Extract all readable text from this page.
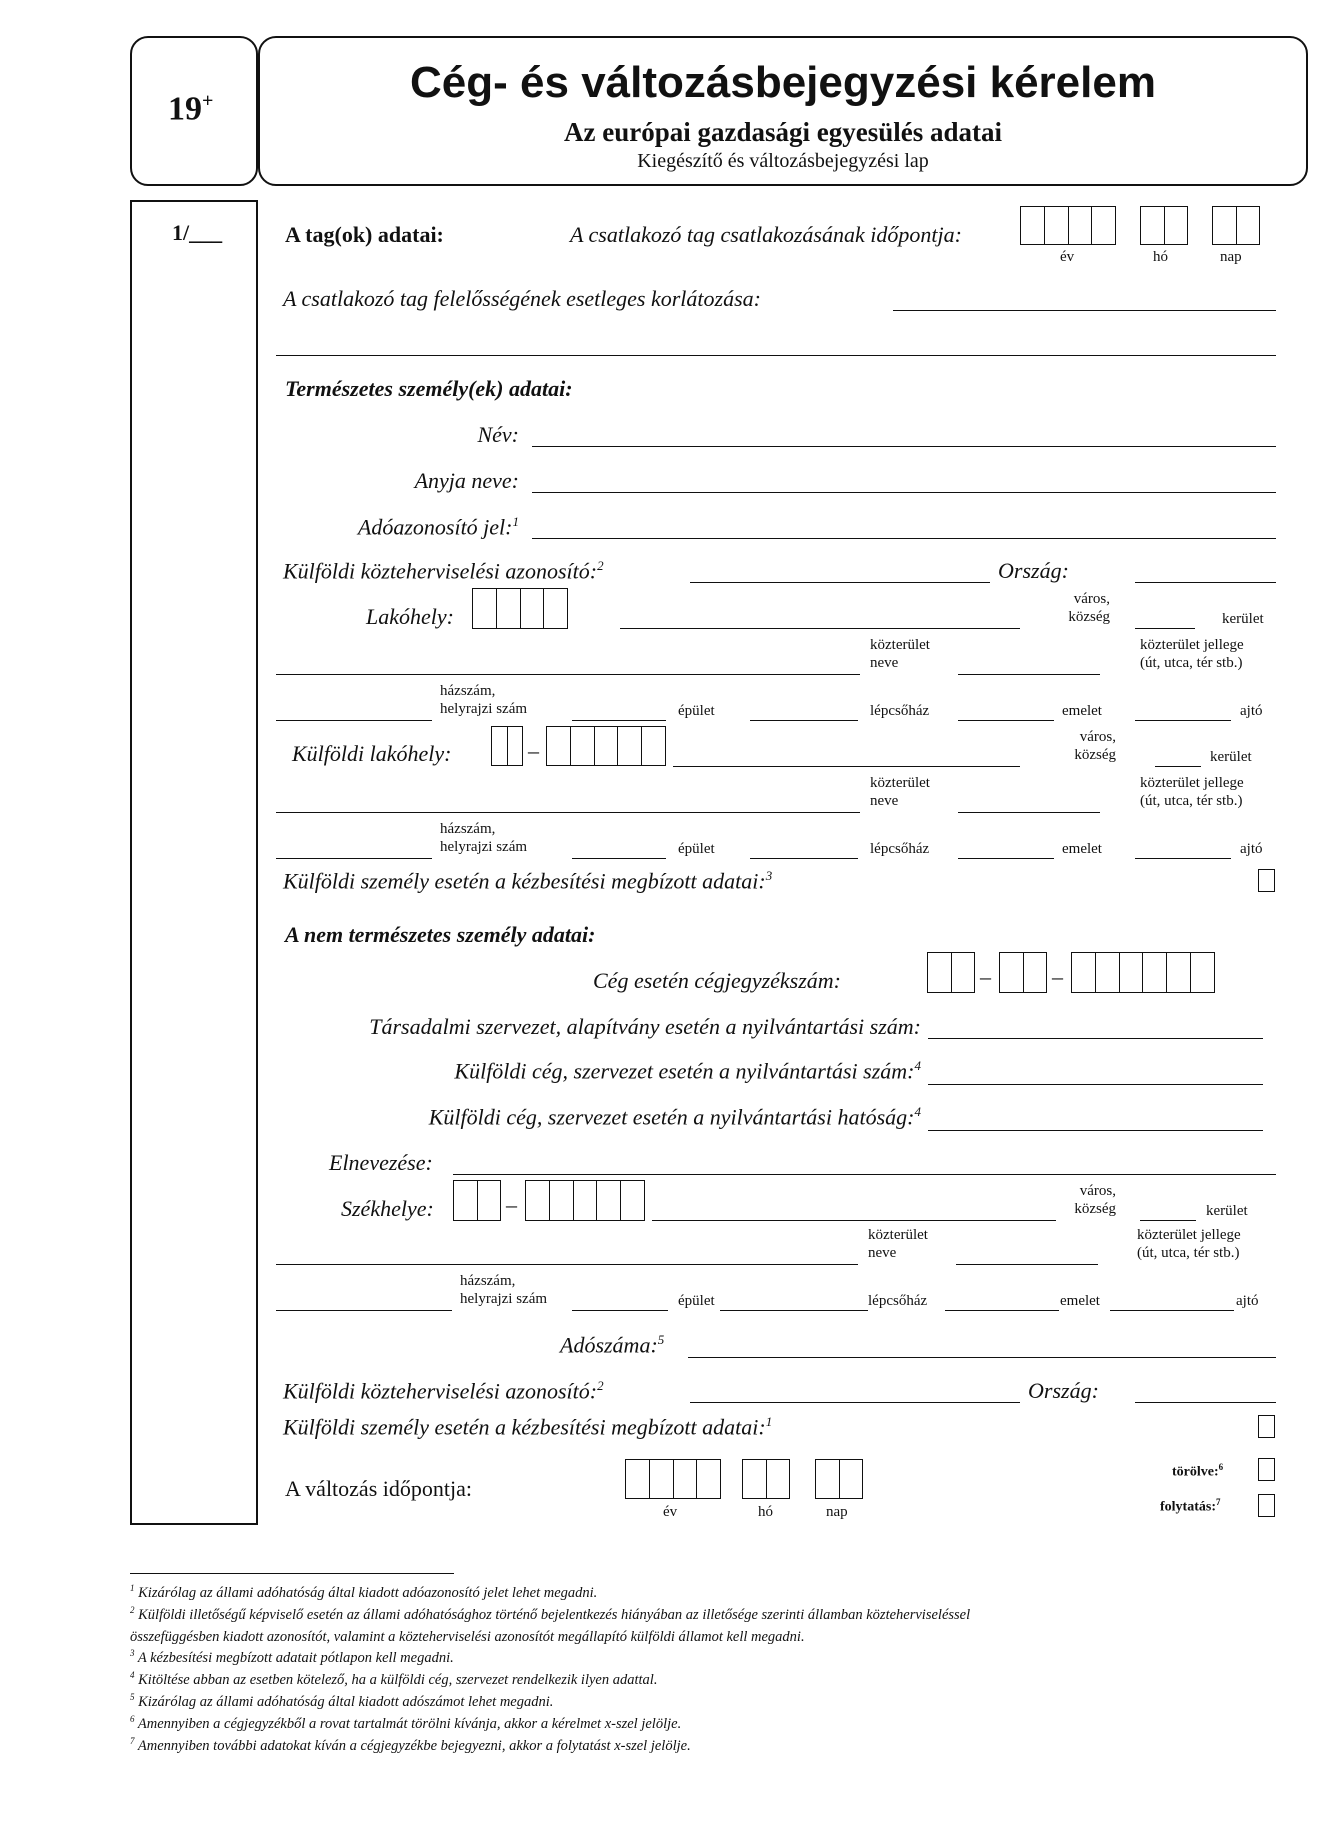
19+	Cég- és változásbejegyzési kérelem
Az európai gazdasági egyesülés adatai
Kiegészítő és változásbejegyzési lap
1/___	A tag(ok) adatai:	A csatlakozó tag csatlakozásának időpontja:
év	hó	nap
A csatlakozó tag felelősségének esetleges korlátozása:
Természetes személy(ek) adatai:
Név:
Anyja neve:
Adóazonosító jel:$^1$
Külföldi közteherviselési azonosító:$^2$	Ország:
Lakóhely:
város,
község	kerület
közterület
neve
közterület jellege
(út, utca, tér stb.)
házszám,
helyrajzi szám	épület	lépcsőház	emelet	ajtó
Külföldi lakóhely:	–
város,
község	kerület
közterület
neve
közterület jellege
(út, utca, tér stb.)
házszám,
helyrajzi szám	épület	lépcsőház	emelet	ajtó
Külföldi személy esetén a kézbesítési megbízott adatai:$^3$
A nem természetes személy adatai:
Cég esetén cégjegyzékszám:	–	–
Társadalmi szervezet, alapítvány esetén a nyilvántartási szám:
Külföldi cég, szervezet esetén a nyilvántartási szám:$^4$
Külföldi cég, szervezet esetén a nyilvántartási hatóság:$^4$
Elnevezése:
Székhelye:	–
város,
község	kerület
közterület
neve
közterület jellege
(út, utca, tér stb.)
házszám,
helyrajzi szám	épület	lépcsőház	emelet	ajtó
Adószáma:$^5$
Külföldi közteherviselési azonosító:$^2$	Ország:
Külföldi személy esetén a kézbesítési megbízott adatai:$^1$
A változás időpontja:
év	hó	nap
törölve:$^6$
folytatás:$^7$
$^1$ Kizárólag az állami adóhatóság által kiadott adóazonosító jelet lehet megadni.
$^2$ Külföldi illetőségű képviselő esetén az állami adóhatósághoz történő bejelentkezés hiányában az illetősége szerinti államban közteherviseléssel
összefüggésben kiadott azonosítót, valamint a közteherviselési azonosítót megállapító külföldi államot kell megadni.
$^3$ A kézbesítési megbízott adatait pótlapon kell megadni.
$^4$ Kitöltése abban az esetben kötelező, ha a külföldi cég, szervezet rendelkezik ilyen adattal.
$^5$ Kizárólag az állami adóhatóság által kiadott adószámot lehet megadni.
$^6$ Amennyiben a cégjegyzékből a rovat tartalmát törölni kívánja, akkor a kérelmet x-szel jelölje.
$^7$ Amennyiben további adatokat kíván a cégjegyzékbe bejegyezni, akkor a folytatást x-szel jelölje.
